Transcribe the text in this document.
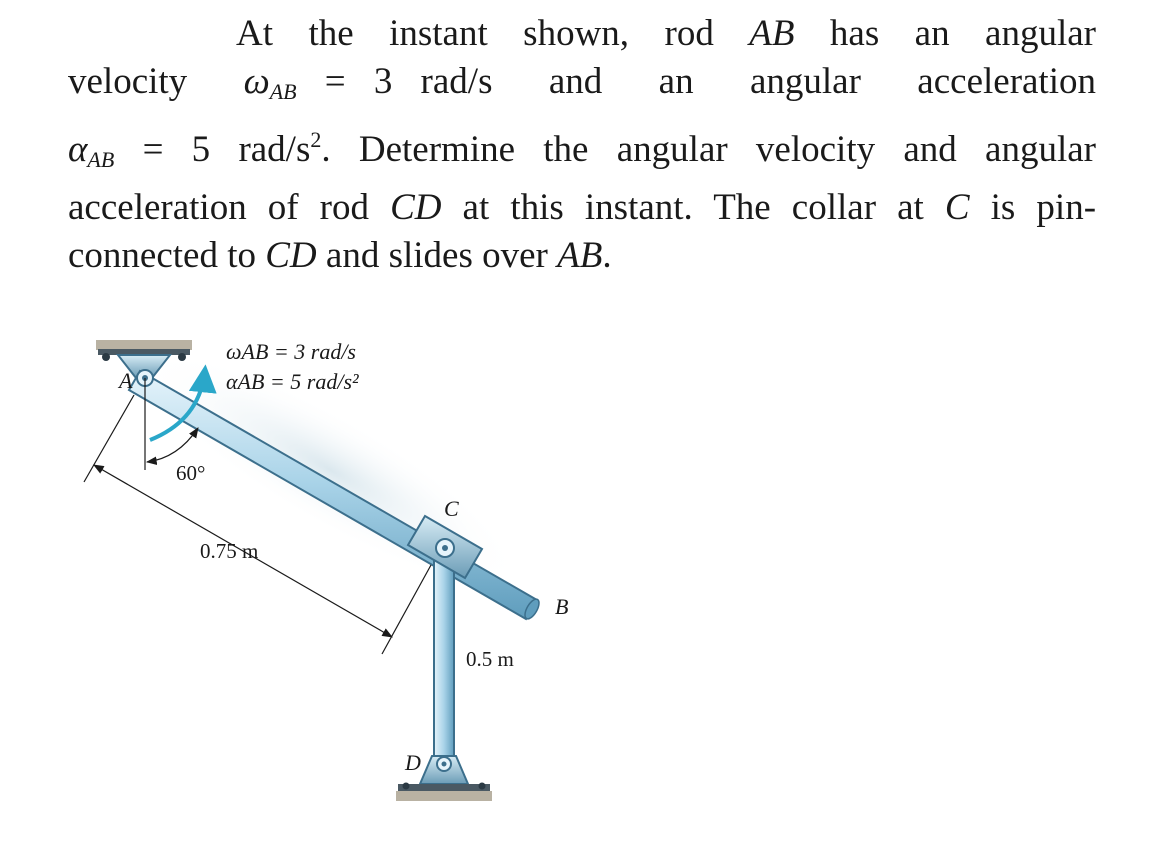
At the instant shown, rod AB has an angular
velocity  $\omega_{AB} = 3$ rad/s  and  an  angular  acceleration
$\alpha_{AB} = 5$ rad/$s^2$. Determine the angular velocity and angular
acceleration of rod CD at this instant. The collar at C is pin-
connected to CD and slides over AB.
ωAB = 3 rad/s
αAB = 5 rad/s²
A
60°
0.75 m
C
B
0.5 m
D
